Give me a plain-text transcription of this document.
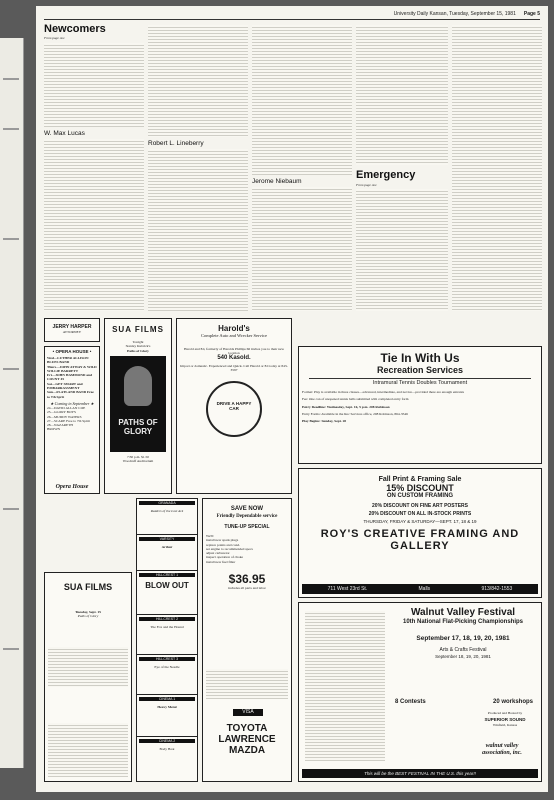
University Daily Kansan, Tuesday, September 15, 1981 Page 5
Newcomers
From page one
W. Max Lucas
Robert L. Lineberry
Jerome Niebaum
Emergency
From page one
JERRY HARPER
ATTORNEY
• OPERA HOUSE •
Wed—LUTHER ALLISON BLUES BAND
Thurs—JOHN ATWAY & WILD WILLIE BARRETT
Fri—JOHN HAMMOND and COUNT 45
Sat—GET SMART and EMBARRASSMENT
Sun—FLATLAND BAND Free to 7th Sprit
★ Coming in September ★
24—DAVID ALLAN COE
25—GLORY BOYS
26—MUDDY WATERS
27—SCARE Free to 7th Spirit
28—NAZARETH
BROWN
Opera House
SUA FILMS
Tonight
Stanley Kubrick's
Paths of Glory
PATHS OF GLORY
7:30 p.m. $1.50
Woodruff Auditorium
SUA FILMS
Tuesday, Sept. 15
Paths of Glory
Harold's
Complete Auto and Wrecker Service
Harold and Ed, formerly of Harolds Phillips 66 invites you to their new location
540 Kasold.
Import or domestic. Experienced and Quick. Call Harold or Ed today at 843-3597
DRIVE A HAPPY CAR
GRANADA
Raiders of the Lost Ark
VARSITY
Arthur
HILLCREST 1
BLOW OUT
HILLCREST 2
The Fox and the Hound
HILLCREST 3
Eye of the Needle
CINEMA 1
Heavy Metal
CINEMA 2
Body Heat
SAVE NOW
Friendly Dependable service
TUNE-UP SPECIAL
We'll:
install new spark plugs
replace points and cond.
set engine to recommended specs
adjust carburetor
inspect operation of choke
install new fuel filter
$36.95
includes all parts and labor
VISA
TOYOTA LAWRENCE MAZDA
Tie In With Us
Recreation Services
Intramural Tennis Doubles Tournament
Format: Play is available in three classes—advanced, intermediate, and novice—provided there are enough entrants
Fee: One can of unopened tennis balls submitted with completed entry form
Entry Deadline: Wednesday, Sept. 16, 5 p.m. 208 Robinson
Entry Forms: Available in the Rec Services office, 208 Robinson, 864-3546
Play Begins: Sunday, Sept. 20
Fall Print & Framing Sale
15% DISCOUNT
ON CUSTOM FRAMING
20% DISCOUNT ON FINE ART POSTERS
20% DISCOUNT ON ALL IN-STOCK PRINTS
THURSDAY, FRIDAY & SATURDAY—SEPT. 17, 18 & 19
ROY'S CREATIVE FRAMING AND GALLERY
711 West 23rd St.	Malls	913/842-1553
Walnut Valley Festival
10th National Flat-Picking Championships
September 17, 18, 19, 20, 1981
Arts & Crafts Festival
September 18, 19, 20, 1981
8 Contests	20 workshops
Produced and Hosted by
SUPERIOR SOUND
Winfield, Kansas
walnut valley association, inc.
This will be the BEST FESTIVAL IN THE U.S. this year!!
